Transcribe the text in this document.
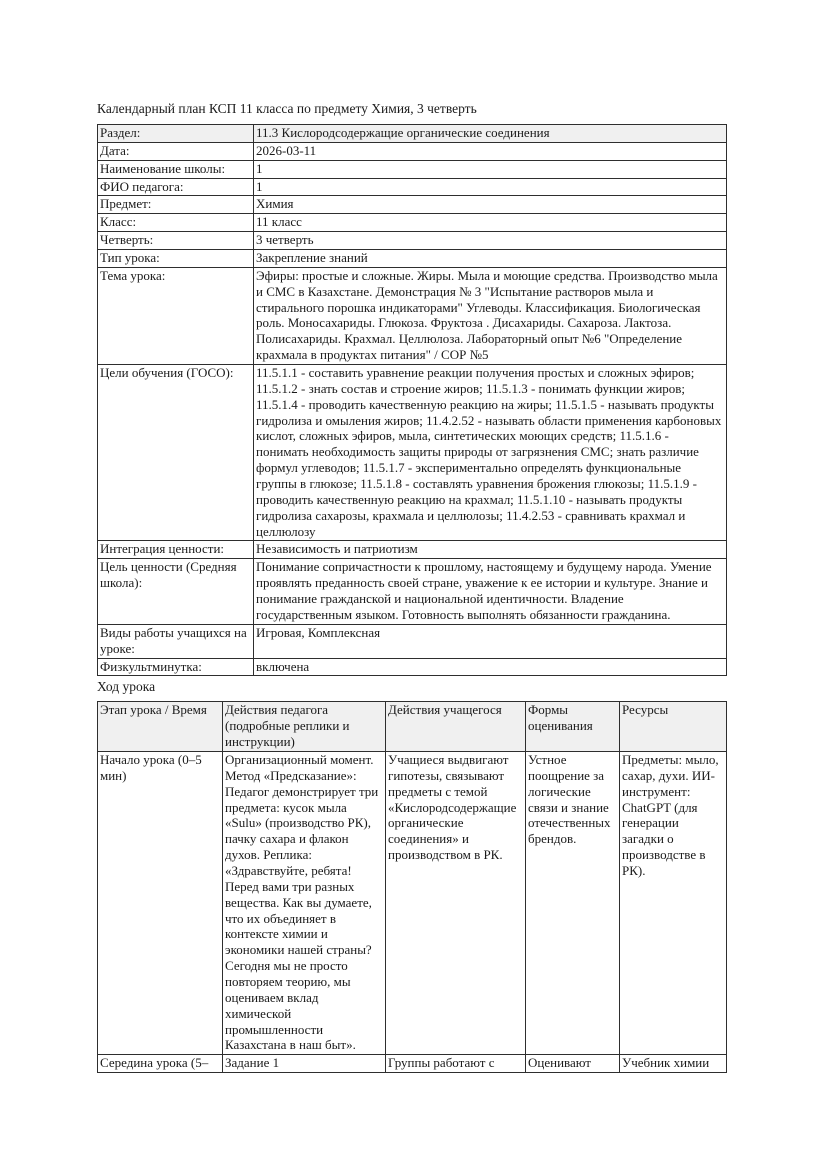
Календарный план КСП 11 класса по предмету Химия, 3 четверть

Раздел:	11.3 Кислородсодержащие органические соединения
Дата:	2026-03-11
Наименование школы:	1
ФИО педагога:	1
Предмет:	Химия
Класс:	11 класс
Четверть:	3 четверть
Тип урока:	Закрепление знаний
Тема урока:	Эфиры: простые и сложные. Жиры. Мыла и моющие средства. Производство мыла и СМС в Казахстане. Демонстрация № 3 "Испытание растворов мыла и стирального порошка индикаторами" Углеводы. Классификация. Биологическая роль. Моносахариды. Глюкоза. Фруктоза . Дисахариды. Сахароза. Лактоза. Полисахариды. Крахмал. Целлюлоза. Лабораторный опыт №6 "Определение крахмала в продуктах питания" / СОР №5
Цели обучения (ГОСО):	11.5.1.1 - составить уравнение реакции получения простых и сложных эфиров; 11.5.1.2 - знать состав и строение жиров; 11.5.1.3 - понимать функции жиров; 11.5.1.4 - проводить качественную реакцию на жиры; 11.5.1.5 - называть продукты гидролиза и омыления жиров; 11.4.2.52 - называть области применения карбоновых кислот, сложных эфиров, мыла, синтетических моющих средств; 11.5.1.6 - понимать необходимость защиты природы от загрязнения СМС; знать различие формул углеводов; 11.5.1.7 - экспериментально определять функциональные группы в глюкозе; 11.5.1.8 - составлять уравнения брожения глюкозы; 11.5.1.9 - проводить качественную реакцию на крахмал; 11.5.1.10 - называть продукты гидролиза сахарозы, крахмала и целлюлозы; 11.4.2.53 - сравнивать крахмал и целлюлозу
Интеграция ценности:	Независимость и патриотизм
Цель ценности (Средняя школа):	Понимание сопричастности к прошлому, настоящему и будущему народа. Умение проявлять преданность своей стране, уважение к ее истории и культуре. Знание и понимание гражданской и национальной идентичности. Владение государственным языком. Готовность выполнять обязанности гражданина.
Виды работы учащихся на уроке:	Игровая, Комплексная
Физкультминутка:	включена

Ход урока

Этап урока / Время	Действия педагога (подробные реплики и инструкции)	Действия учащегося	Формы оценивания	Ресурсы
Начало урока (0–5 мин)	Организационный момент. Метод «Предсказание»: Педагог демонстрирует три предмета: кусок мыла «Sulu» (производство РК), пачку сахара и флакон духов. Реплика: «Здравствуйте, ребята! Перед вами три разных вещества. Как вы думаете, что их объединяет в контексте химии и экономики нашей страны? Сегодня мы не просто повторяем теорию, мы оцениваем вклад химической промышленности Казахстана в наш быт».	Учащиеся выдвигают гипотезы, связывают предметы с темой «Кислородсодержащие органические соединения» и производством в РК.	Устное поощрение за логические связи и знание отечественных брендов.	Предметы: мыло, сахар, духи. ИИ-инструмент: ChatGPT (для генерации загадки о производстве в РК).
Середина урока (5–	Задание 1	Группы работают с	Оценивают	Учебник химии
